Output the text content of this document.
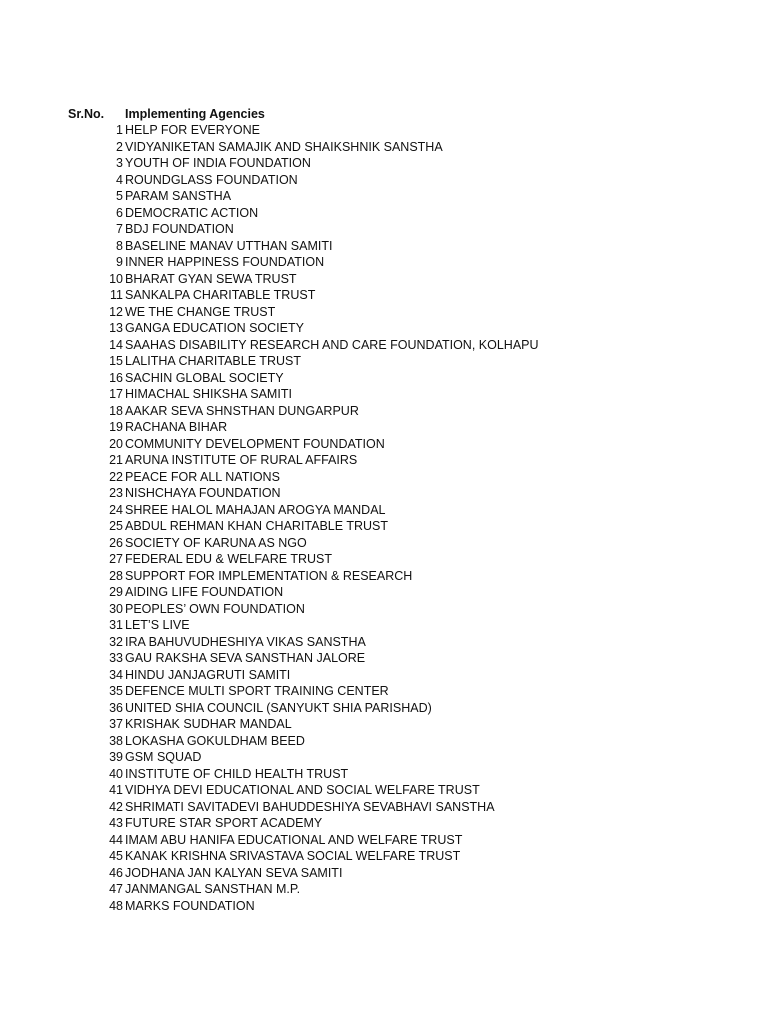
Sr.No. Implementing Agencies
1 HELP FOR EVERYONE
2 VIDYANIKETAN SAMAJIK AND SHAIKSHNIK SANSTHA
3 YOUTH OF INDIA FOUNDATION
4 ROUNDGLASS FOUNDATION
5 PARAM SANSTHA
6 DEMOCRATIC ACTION
7 BDJ FOUNDATION
8 BASELINE MANAV UTTHAN SAMITI
9 INNER HAPPINESS FOUNDATION
10 BHARAT GYAN SEWA TRUST
11 SANKALPA CHARITABLE TRUST
12 WE THE CHANGE TRUST
13 GANGA EDUCATION SOCIETY
14 SAAHAS DISABILITY RESEARCH AND CARE FOUNDATION, KOLHAPU
15 LALITHA CHARITABLE TRUST
16 SACHIN GLOBAL SOCIETY
17 HIMACHAL SHIKSHA SAMITI
18 AAKAR SEVA SHNSTHAN DUNGARPUR
19 RACHANA BIHAR
20 COMMUNITY DEVELOPMENT FOUNDATION
21 ARUNA INSTITUTE OF RURAL AFFAIRS
22 PEACE FOR ALL NATIONS
23 NISHCHAYA FOUNDATION
24 SHREE HALOL MAHAJAN AROGYA MANDAL
25 ABDUL REHMAN KHAN CHARITABLE TRUST
26 SOCIETY OF KARUNA AS NGO
27 FEDERAL EDU & WELFARE TRUST
28 SUPPORT FOR IMPLEMENTATION & RESEARCH
29 AIDING LIFE FOUNDATION
30 PEOPLES’ OWN FOUNDATION
31 LET’S LIVE
32 IRA BAHUVUDHESHIYA VIKAS SANSTHA
33 GAU RAKSHA SEVA SANSTHAN JALORE
34 HINDU JANJAGRUTI SAMITI
35 DEFENCE MULTI SPORT TRAINING CENTER
36 UNITED SHIA COUNCIL (SANYUKT SHIA PARISHAD)
37 KRISHAK SUDHAR MANDAL
38 LOKASHA GOKULDHAM BEED
39 GSM SQUAD
40 INSTITUTE OF CHILD HEALTH TRUST
41 VIDHYA DEVI EDUCATIONAL AND SOCIAL WELFARE TRUST
42 SHRIMATI SAVITADEVI BAHUDDESHIYA SEVABHAVI SANSTHA
43 FUTURE STAR SPORT ACADEMY
44 IMAM ABU HANIFA EDUCATIONAL AND WELFARE TRUST
45 KANAK KRISHNA SRIVASTAVA SOCIAL WELFARE TRUST
46 JODHANA JAN KALYAN SEVA SAMITI
47 JANMANGAL SANSTHAN M.P.
48 MARKS FOUNDATION
